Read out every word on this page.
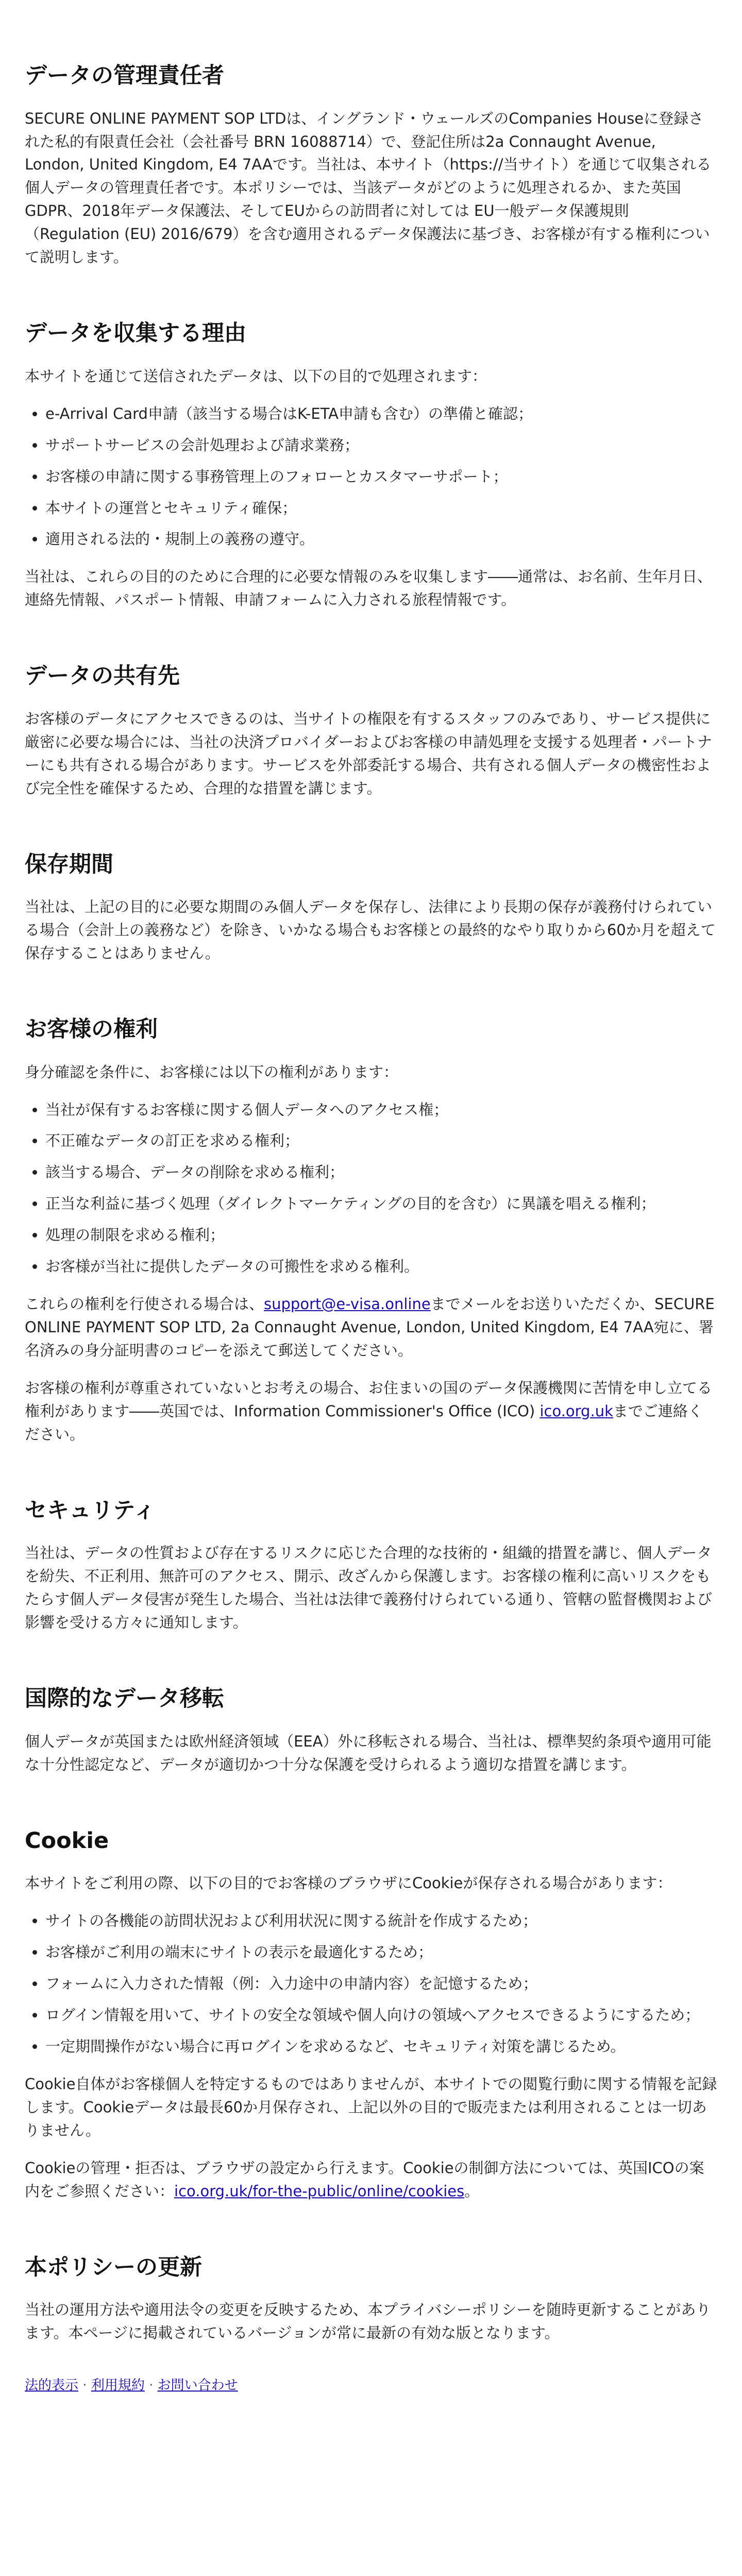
データの管理責任者

SECURE ONLINE PAYMENT SOP LTDは、イングランド・ウェールズのCompanies Houseに登録された私的有限責任会社（会社番号 BRN 16088714）で、登記住所は2a Connaught Avenue, London, United Kingdom, E4 7AAです。当社は、本サイト（https://当サイト）を通じて収集される個人データの管理責任者です。本ポリシーでは、当該データがどのように処理されるか、また英国GDPR、2018年データ保護法、そしてEUからの訪問者に対しては EU一般データ保護規則（Regulation (EU) 2016/679）を含む適用されるデータ保護法に基づき、お客様が有する権利について説明します。

データを収集する理由

本サイトを通じて送信されたデータは、以下の目的で処理されます：

• e-Arrival Card申請（該当する場合はK-ETA申請も含む）の準備と確認；
• サポートサービスの会計処理および請求業務；
• お客様の申請に関する事務管理上のフォローとカスタマーサポート；
• 本サイトの運営とセキュリティ確保；
• 適用される法的・規制上の義務の遵守。

当社は、これらの目的のために合理的に必要な情報のみを収集します――通常は、お名前、生年月日、連絡先情報、パスポート情報、申請フォームに入力される旅程情報です。

データの共有先

お客様のデータにアクセスできるのは、当サイトの権限を有するスタッフのみであり、サービス提供に厳密に必要な場合には、当社の決済プロバイダーおよびお客様の申請処理を支援する処理者・パートナーにも共有される場合があります。サービスを外部委託する場合、共有される個人データの機密性および完全性を確保するため、合理的な措置を講じます。

保存期間

当社は、上記の目的に必要な期間のみ個人データを保存し、法律により長期の保存が義務付けられている場合（会計上の義務など）を除き、いかなる場合もお客様との最終的なやり取りから60か月を超えて保存することはありません。

お客様の権利

身分確認を条件に、お客様には以下の権利があります：

• 当社が保有するお客様に関する個人データへのアクセス権；
• 不正確なデータの訂正を求める権利；
• 該当する場合、データの削除を求める権利；
• 正当な利益に基づく処理（ダイレクトマーケティングの目的を含む）に異議を唱える権利；
• 処理の制限を求める権利；
• お客様が当社に提供したデータの可搬性を求める権利。

これらの権利を行使される場合は、support@e-visa.onlineまでメールをお送りいただくか、SECURE ONLINE PAYMENT SOP LTD, 2a Connaught Avenue, London, United Kingdom, E4 7AA宛に、署名済みの身分証明書のコピーを添えて郵送してください。

お客様の権利が尊重されていないとお考えの場合、お住まいの国のデータ保護機関に苦情を申し立てる権利があります――英国では、Information Commissioner's Office (ICO) ico.org.ukまでご連絡ください。

セキュリティ

当社は、データの性質および存在するリスクに応じた合理的な技術的・組織的措置を講じ、個人データを紛失、不正利用、無許可のアクセス、開示、改ざんから保護します。お客様の権利に高いリスクをもたらす個人データ侵害が発生した場合、当社は法律で義務付けられている通り、管轄の監督機関および影響を受ける方々に通知します。

国際的なデータ移転

個人データが英国または欧州経済領域（EEA）外に移転される場合、当社は、標準契約条項や適用可能な十分性認定など、データが適切かつ十分な保護を受けられるよう適切な措置を講じます。

Cookie

本サイトをご利用の際、以下の目的でお客様のブラウザにCookieが保存される場合があります：

• サイトの各機能の訪問状況および利用状況に関する統計を作成するため；
• お客様がご利用の端末にサイトの表示を最適化するため；
• フォームに入力された情報（例：入力途中の申請内容）を記憶するため；
• ログイン情報を用いて、サイトの安全な領域や個人向けの領域へアクセスできるようにするため；
• 一定期間操作がない場合に再ログインを求めるなど、セキュリティ対策を講じるため。

Cookie自体がお客様個人を特定するものではありませんが、本サイトでの閲覧行動に関する情報を記録します。Cookieデータは最長60か月保存され、上記以外の目的で販売または利用されることは一切ありません。

Cookieの管理・拒否は、ブラウザの設定から行えます。Cookieの制御方法については、英国ICOの案内をご参照ください：ico.org.uk/for-the-public/online/cookies。

本ポリシーの更新

当社の運用方法や適用法令の変更を反映するため、本プライバシーポリシーを随時更新することがあります。本ページに掲載されているバージョンが常に最新の有効な版となります。

法的表示 · 利用規約 · お問い合わせ
